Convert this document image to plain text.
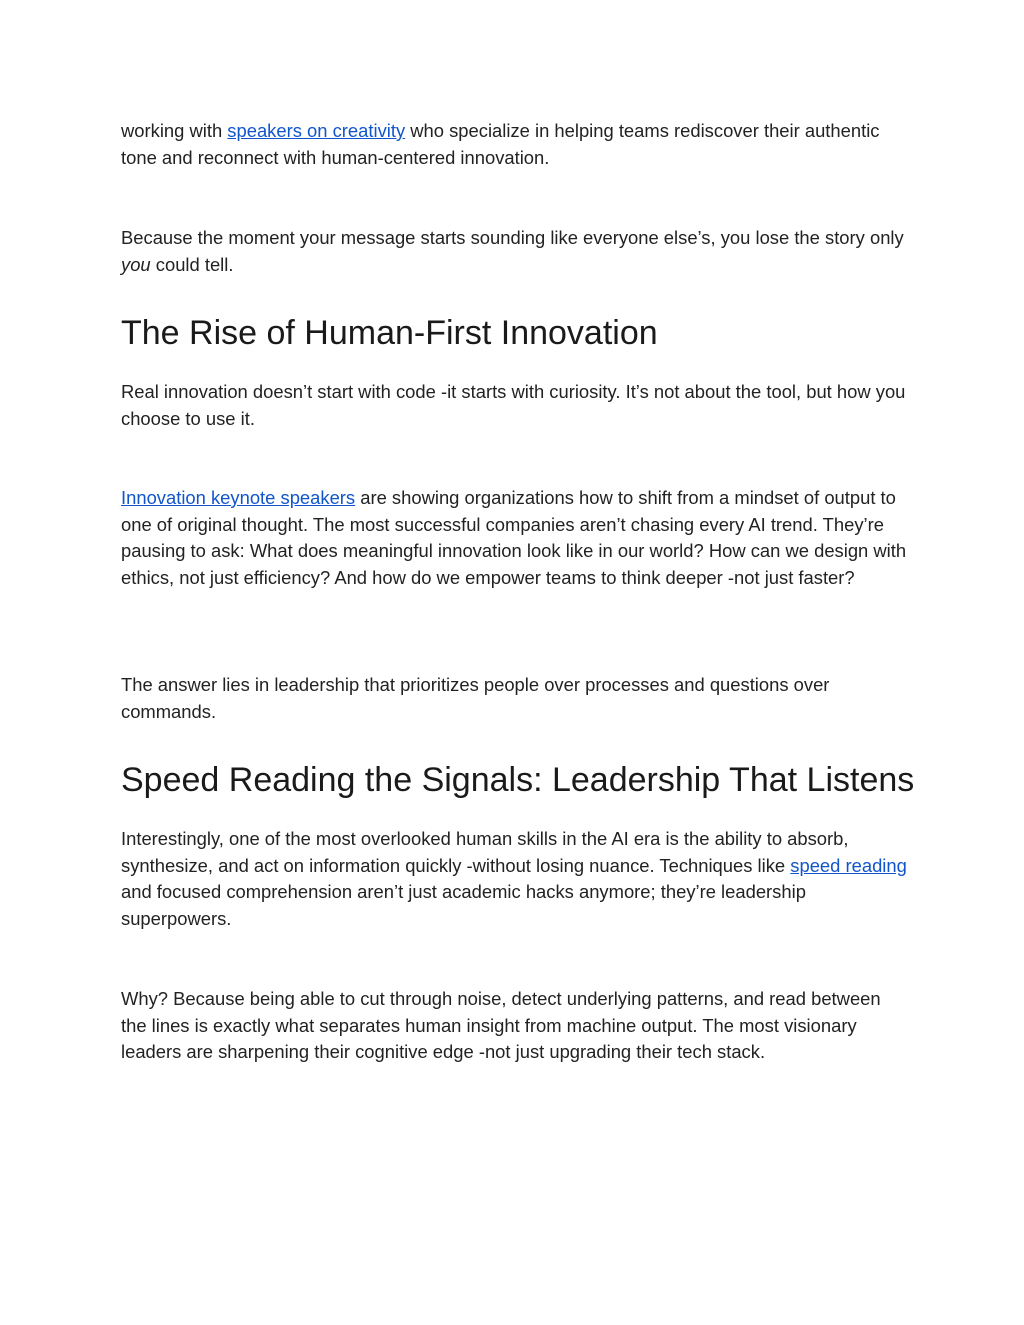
working with speakers on creativity who specialize in helping teams rediscover their authentic tone and reconnect with human-centered innovation.

Because the moment your message starts sounding like everyone else’s, you lose the story only you could tell.

The Rise of Human-First Innovation

Real innovation doesn’t start with code -it starts with curiosity. It’s not about the tool, but how you choose to use it.

Innovation keynote speakers are showing organizations how to shift from a mindset of output to one of original thought. The most successful companies aren’t chasing every AI trend. They’re pausing to ask: What does meaningful innovation look like in our world? How can we design with ethics, not just efficiency? And how do we empower teams to think deeper -not just faster?

The answer lies in leadership that prioritizes people over processes and questions over commands.

Speed Reading the Signals: Leadership That Listens

Interestingly, one of the most overlooked human skills in the AI era is the ability to absorb, synthesize, and act on information quickly -without losing nuance. Techniques like speed reading and focused comprehension aren’t just academic hacks anymore; they’re leadership superpowers.

Why? Because being able to cut through noise, detect underlying patterns, and read between the lines is exactly what separates human insight from machine output. The most visionary leaders are sharpening their cognitive edge -not just upgrading their tech stack.
